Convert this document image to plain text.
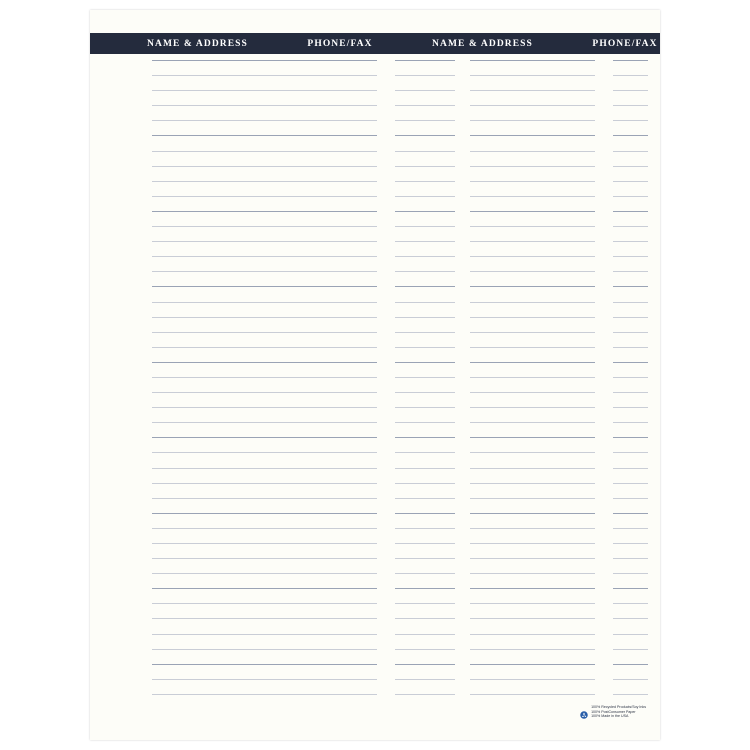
NAME & ADDRESS	PHONE/FAX	NAME & ADDRESS	PHONE/FAX
100% Recycled Products/Soy Inks
100% PostConsumer Paper
100% Made in the USA
